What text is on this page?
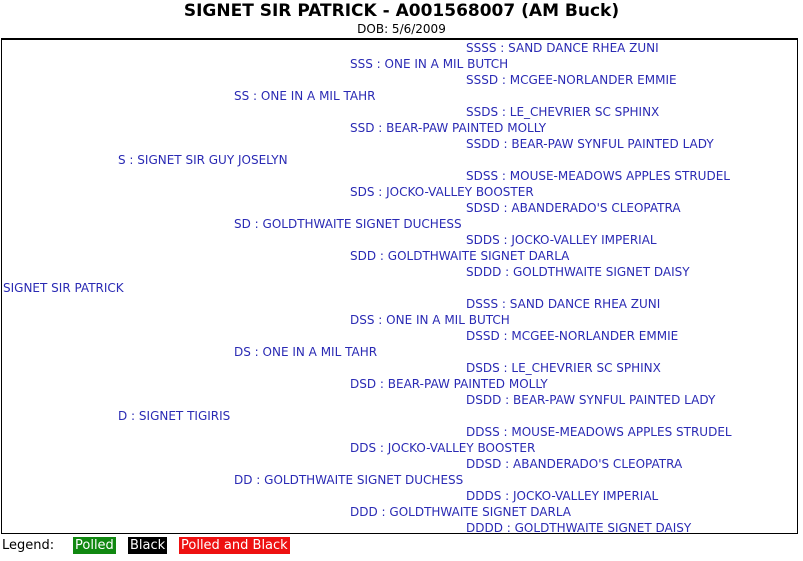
SIGNET SIR PATRICK - A001568007 (AM Buck)
DOB: 5/6/2009
SSSS : SAND DANCE RHEA ZUNI
SSS : ONE IN A MIL BUTCH
SSSD : MCGEE-NORLANDER EMMIE
SS : ONE IN A MIL TAHR
SSDS : LE_CHEVRIER SC SPHINX
SSD : BEAR-PAW PAINTED MOLLY
SSDD : BEAR-PAW SYNFUL PAINTED LADY
S : SIGNET SIR GUY JOSELYN
SDSS : MOUSE-MEADOWS APPLES STRUDEL
SDS : JOCKO-VALLEY BOOSTER
SDSD : ABANDERADO'S CLEOPATRA
SD : GOLDTHWAITE SIGNET DUCHESS
SDDS : JOCKO-VALLEY IMPERIAL
SDD : GOLDTHWAITE SIGNET DARLA
SDDD : GOLDTHWAITE SIGNET DAISY
SIGNET SIR PATRICK
DSSS : SAND DANCE RHEA ZUNI
DSS : ONE IN A MIL BUTCH
DSSD : MCGEE-NORLANDER EMMIE
DS : ONE IN A MIL TAHR
DSDS : LE_CHEVRIER SC SPHINX
DSD : BEAR-PAW PAINTED MOLLY
DSDD : BEAR-PAW SYNFUL PAINTED LADY
D : SIGNET TIGIRIS
DDSS : MOUSE-MEADOWS APPLES STRUDEL
DDS : JOCKO-VALLEY BOOSTER
DDSD : ABANDERADO'S CLEOPATRA
DD : GOLDTHWAITE SIGNET DUCHESS
DDDS : JOCKO-VALLEY IMPERIAL
DDD : GOLDTHWAITE SIGNET DARLA
DDDD : GOLDTHWAITE SIGNET DAISY
Legend: Polled Black Polled and Black
